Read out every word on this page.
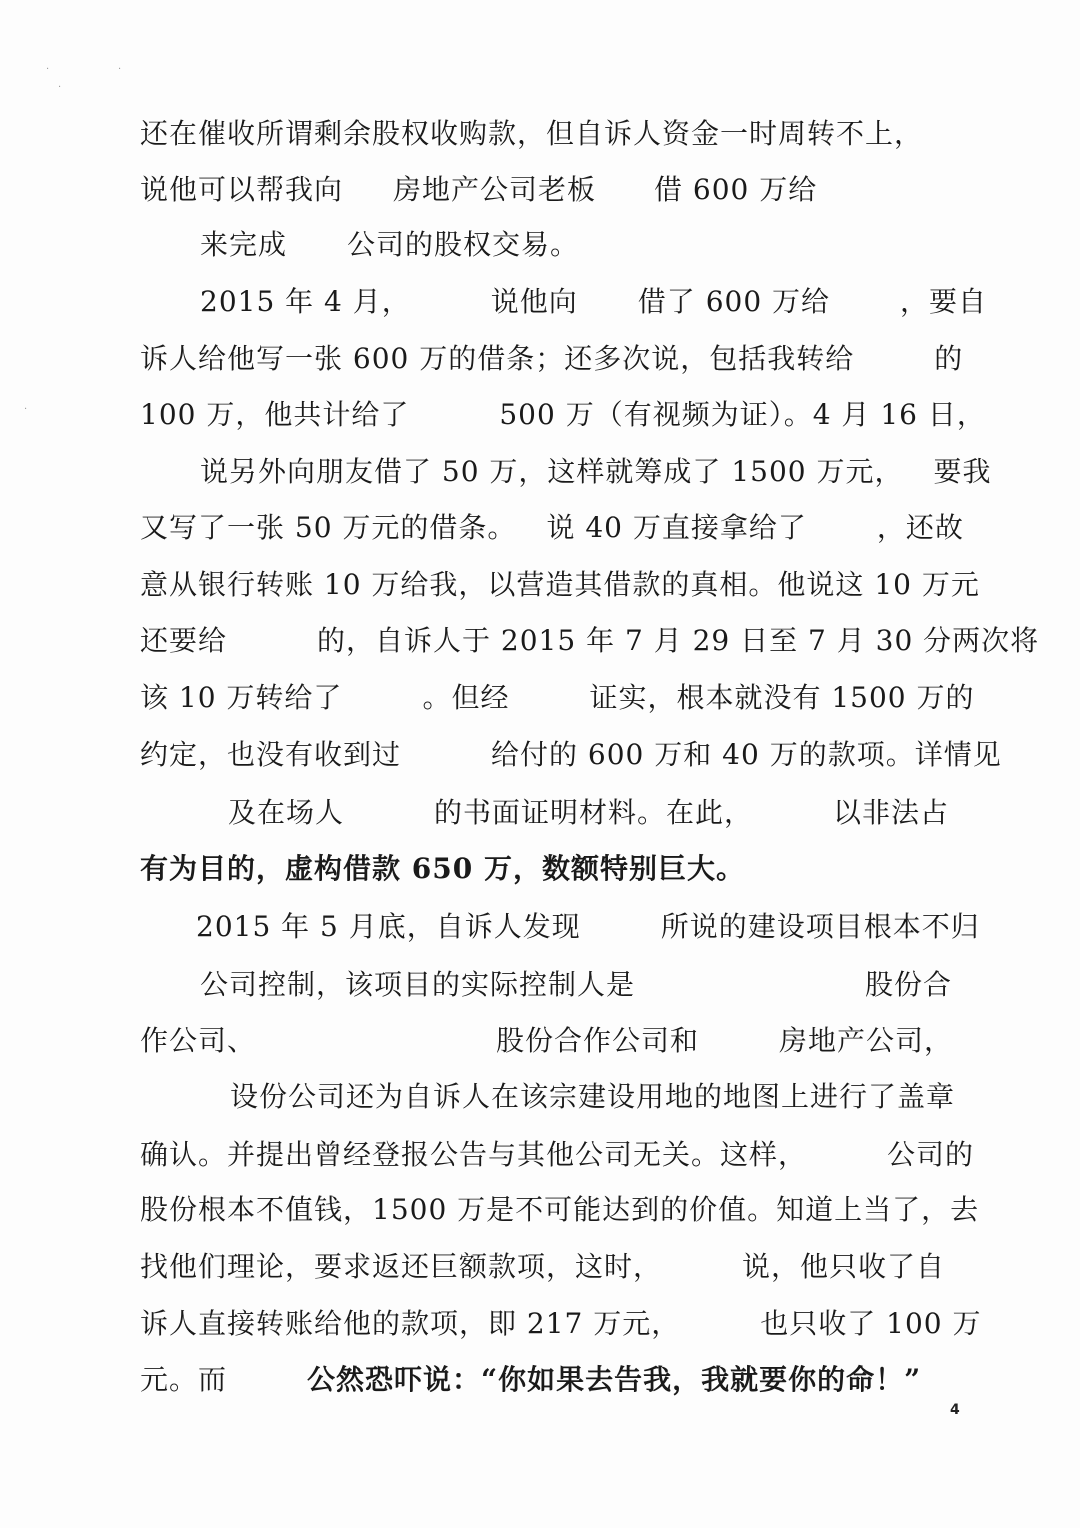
·	·
·
·
还在催收所谓剩余股权收购款，但自诉人资金一时周转不上，
说他可以帮我向 房地产公司老板 借 600 万给
来完成 公司的股权交易。
2015 年 4 月，	说他向 借了 600 万给	，要自
诉人给他写一张 600 万的借条；还多次说，包括我转给	的
100 万，他共计给了	500 万（有视频为证）。4 月 16 日，
说另外向朋友借了 50 万，这样就筹成了 1500 万元， 要我
又写了一张 50 万元的借条。 说 40 万直接拿给了	，还故
意从银行转账 10 万给我，以营造其借款的真相。他说这 10 万元
还要给	的，自诉人于 2015 年 7 月 29 日至 7 月 30 分两次将
该 10 万转给了	。但经	证实，根本就没有 1500 万的
约定，也没有收到过	给付的 600 万和 40 万的款项。详情见
及在场人	的书面证明材料。在此，	以非法占
有为目的，虚构借款 650 万，数额特别巨大。
2015 年 5 月底，自诉人发现	所说的建设项目根本不归
公司控制，该项目的实际控制人是	股份合
作公司、	股份合作公司和	房地产公司，
设份公司还为自诉人在该宗建设用地的地图上进行了盖章
确认。并提出曾经登报公告与其他公司无关。这样，	公司的
股份根本不值钱，1500 万是不可能达到的价值。知道上当了，去
找他们理论，要求返还巨额款项，这时，	说，他只收了自
诉人直接转账给他的款项，即 217 万元，	也只收了 100 万
元。而	公然恐吓说：“你如果去告我，我就要你的命！”
4
